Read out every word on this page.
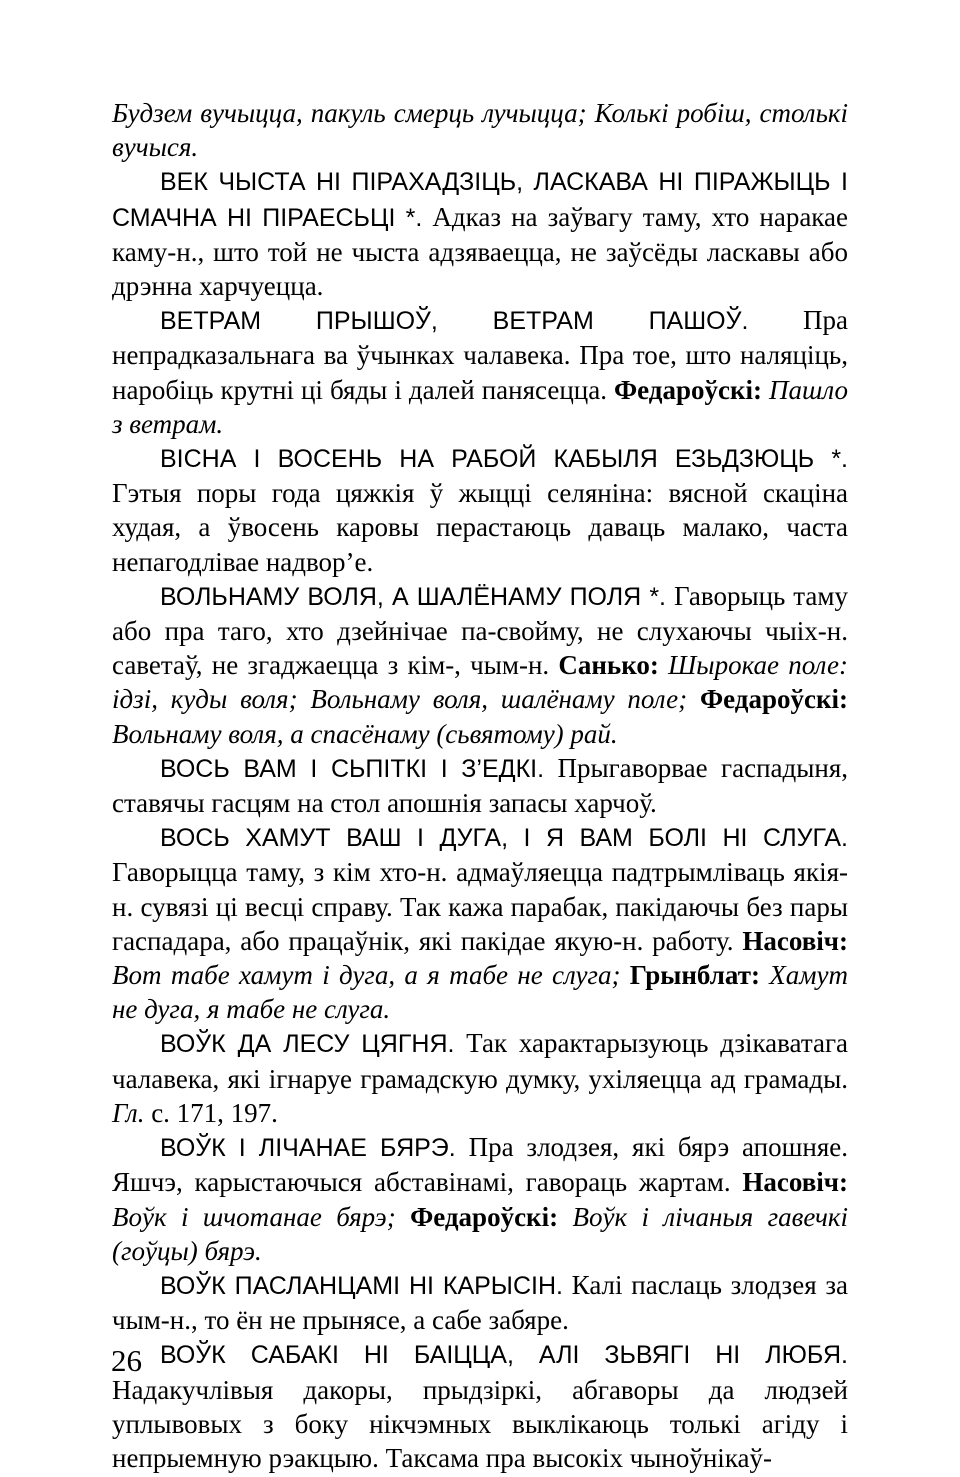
Будзем вучыцца, пакуль смерць лучыцца; Колькі робіш, столькі вучыся.

ВЕК ЧЫСТА НІ ПІРАХАДЗІЦЬ, ЛАСКАВА НІ ПІРАЖЫЦЬ І СМАЧНА НІ ПІРАЕСЬЦІ *. Адказ на заўвагу таму, хто наракае каму-н., што той не чыста адзяваецца, не заўсёды ласкавы або дрэнна харчуецца.

ВЕТРАМ ПРЫШОЎ, ВЕТРАМ ПАШОЎ. Пра непрадказальнага ва ўчынках чалавека. Пра тое, што наляціць, наробіць крутні ці бяды і далей панясецца. Федароўскі: Пашло з ветрам.

ВІСНА І ВОСЕНЬ НА РАБОЙ КАБЫЛЯ ЕЗЬДЗЮЦЬ *. Гэтыя поры года цяжкія ў жыцці селяніна: вясной скаціна худая, а ўвосень каровы перастаюць даваць малако, часта непагодлівае надвор’е.

ВОЛЬНАМУ ВОЛЯ, А ШАЛЁНАМУ ПОЛЯ *. Гаворыць таму або пра таго, хто дзейнічае па-свойму, не слухаючы чыіх-н. саветаў, не згаджаецца з кім-, чым-н. Санько: Шырокае поле: ідзі, куды воля; Вольнаму воля, шалёнаму поле; Федароўскі: Вольнаму воля, а спасёнаму (сьвятому) рай.

ВОСЬ ВАМ І СЬПІТКІ І З’ЕДКІ. Прыгаворвае гаспадыня, ставячы гасцям на стол апошнія запасы харчоў.

ВОСЬ ХАМУТ ВАШ І ДУГА, І Я ВАМ БОЛІ НІ СЛУГА. Гаворыцца таму, з кім хто-н. адмаўляецца падтрымліваць якія-н. сувязі ці весці справу. Так кажа парабак, пакідаючы без пары гаспадара, або працаўнік, які пакідае якую-н. работу. Насовіч: Вот табе хамут і дуга, а я табе не слуга; Грынблат: Хамут не дуга, я табе не слуга.

ВОЎК ДА ЛЕСУ ЦЯГНЯ. Так характарызуюць дзікаватага чалавека, які ігнаруе грамадскую думку, ухіляецца ад грамады. Гл. с. 171, 197.

ВОЎК І ЛІЧАНАЕ БЯРЭ. Пра злодзея, які бярэ апошняе. Яшчэ, карыстаючыся абставінамі, гавораць жартам. Насовіч: Воўк і шчотанае бярэ; Федароўскі: Воўк і лічаныя гавечкі (гоўцы) бярэ.

ВОЎК ПАСЛАНЦАМІ НІ КАРЫСІН. Калі паслаць злодзея за чым-н., то ён не прынясе, а сабе забяре.

ВОЎК САБАКІ НІ БАІЦЦА, АЛІ ЗЬВЯГІ НІ ЛЮБЯ. Надакучлівыя дакоры, прыдзіркі, абгаворы да людзей уплывовых з боку нікчэмных выклікаюць толькі агіду і непрыемную рэакцыю. Таксама пра высокіх чыноўнікаў-

26
